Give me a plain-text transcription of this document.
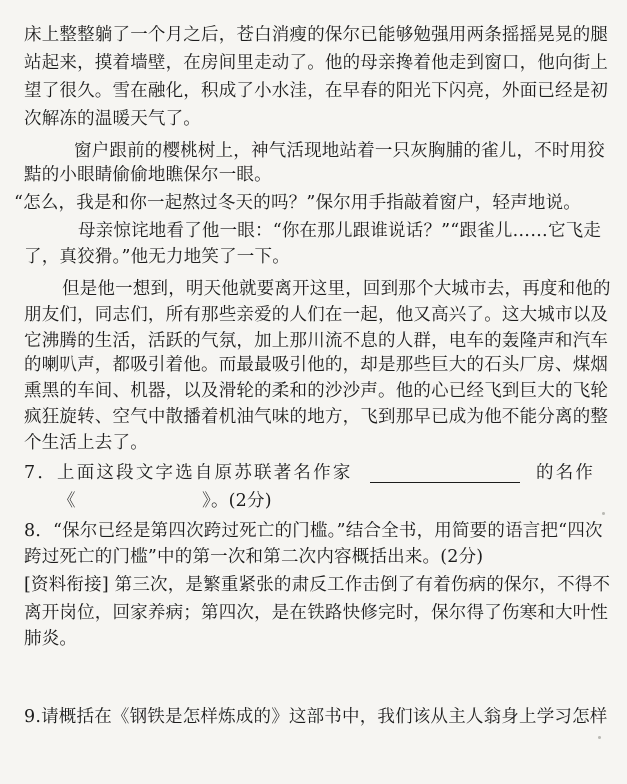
床上整整躺了一个月之后，苍白消瘦的保尔已能够勉强用两条摇摇晃晃的腿
站起来，摸着墙壁，在房间里走动了。他的母亲搀着他走到窗口，他向街上
望了很久。雪在融化，积成了小水洼，在早春的阳光下闪亮，外面已经是初
次解冻的温暖天气了。
窗户跟前的樱桃树上，神气活现地站着一只灰胸脯的雀儿，不时用狡
黠的小眼睛偷偷地瞧保尔一眼。
“怎么，我是和你一起熬过冬天的吗？”保尔用手指敲着窗户，轻声地说。
母亲惊诧地看了他一眼：“你在那儿跟谁说话？”“跟雀儿……它飞走
了，真狡猾。”他无力地笑了一下。
但是他一想到，明天他就要离开这里，回到那个大城市去，再度和他的
朋友们，同志们，所有那些亲爱的人们在一起，他又高兴了。这大城市以及
它沸腾的生活，活跃的气氛，加上那川流不息的人群，电车的轰隆声和汽车
的喇叭声，都吸引着他。而最最吸引他的，却是那些巨大的石头厂房、煤烟
熏黑的车间、机器，以及滑轮的柔和的沙沙声。他的心已经飞到巨大的飞轮
疯狂旋转、空气中散播着机油气味的地方，飞到那早已成为他不能分离的整
个生活上去了。
7．上面这段文字选自原苏联著名作家	的名作
《	》。(2分)
8．“保尔已经是第四次跨过死亡的门槛。”结合全书，用简要的语言把“四次
跨过死亡的门槛”中的第一次和第二次内容概括出来。(2分)
[资料衔接] 第三次，是繁重紧张的肃反工作击倒了有着伤病的保尔，不得不
离开岗位，回家养病；第四次，是在铁路快修完时，保尔得了伤寒和大叶性
肺炎。
9.请概括在《钢铁是怎样炼成的》这部书中，我们该从主人翁身上学习怎样
